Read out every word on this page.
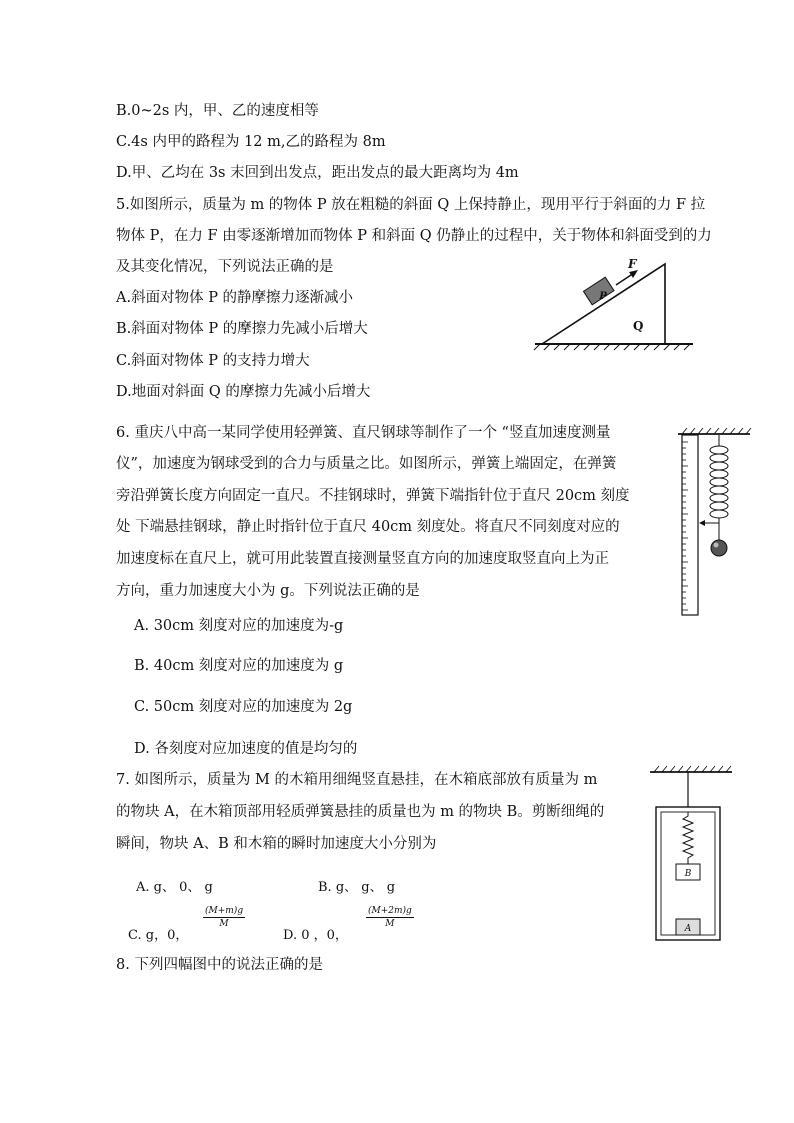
B.0~2s 内，甲、乙的速度相等
C.4s 内甲的路程为 12 m,乙的路程为 8m
D.甲、乙均在 3s 末回到出发点，距出发点的最大距离均为 4m
5.如图所示，质量为 m 的物体 P 放在粗糙的斜面 Q 上保持静止，现用平行于斜面的力 F 拉
物体 P，在力 F 由零逐渐增加而物体 P 和斜面 Q 仍静止的过程中，关于物体和斜面受到的力
及其变化情况，下列说法正确的是
A.斜面对物体 P 的静摩擦力逐渐减小
B.斜面对物体 P 的摩擦力先减小后增大
C.斜面对物体 P 的支持力增大
D.地面对斜面 Q 的摩擦力先减小后增大
P
F
Q
6. 重庆八中高一某同学使用轻弹簧、直尺钢球等制作了一个 “竖直加速度测量
仪”，加速度为钢球受到的合力与质量之比。如图所示，弹簧上端固定，在弹簧
旁沿弹簧长度方向固定一直尺。不挂钢球时，弹簧下端指针位于直尺 20cm 刻度
处 下端悬挂钢球，静止时指针位于直尺 40cm 刻度处。将直尺不同刻度对应的
加速度标在直尺上，就可用此装置直接测量竖直方向的加速度取竖直向上为正
方向，重力加速度大小为 g。下列说法正确的是
A. 30cm 刻度对应的加速度为-g
B. 40cm 刻度对应的加速度为 g
C. 50cm 刻度对应的加速度为 2g
D. 各刻度对应加速度的值是均匀的
7. 如图所示，质量为 M 的木箱用细绳竖直悬挂，在木箱底部放有质量为 m
的物块 A，在木箱顶部用轻质弹簧悬挂的质量也为 m 的物块 B。剪断细绳的
瞬间，物块 A、B 和木箱的瞬时加速度大小分别为
A. g、 0、 g	B. g、 g、 g
C. g，0，
$\frac{(M+m)g}{M}$
D. 0 ，0，
$\frac{(M+2m)g}{M}$
B
A
8. 下列四幅图中的说法正确的是
